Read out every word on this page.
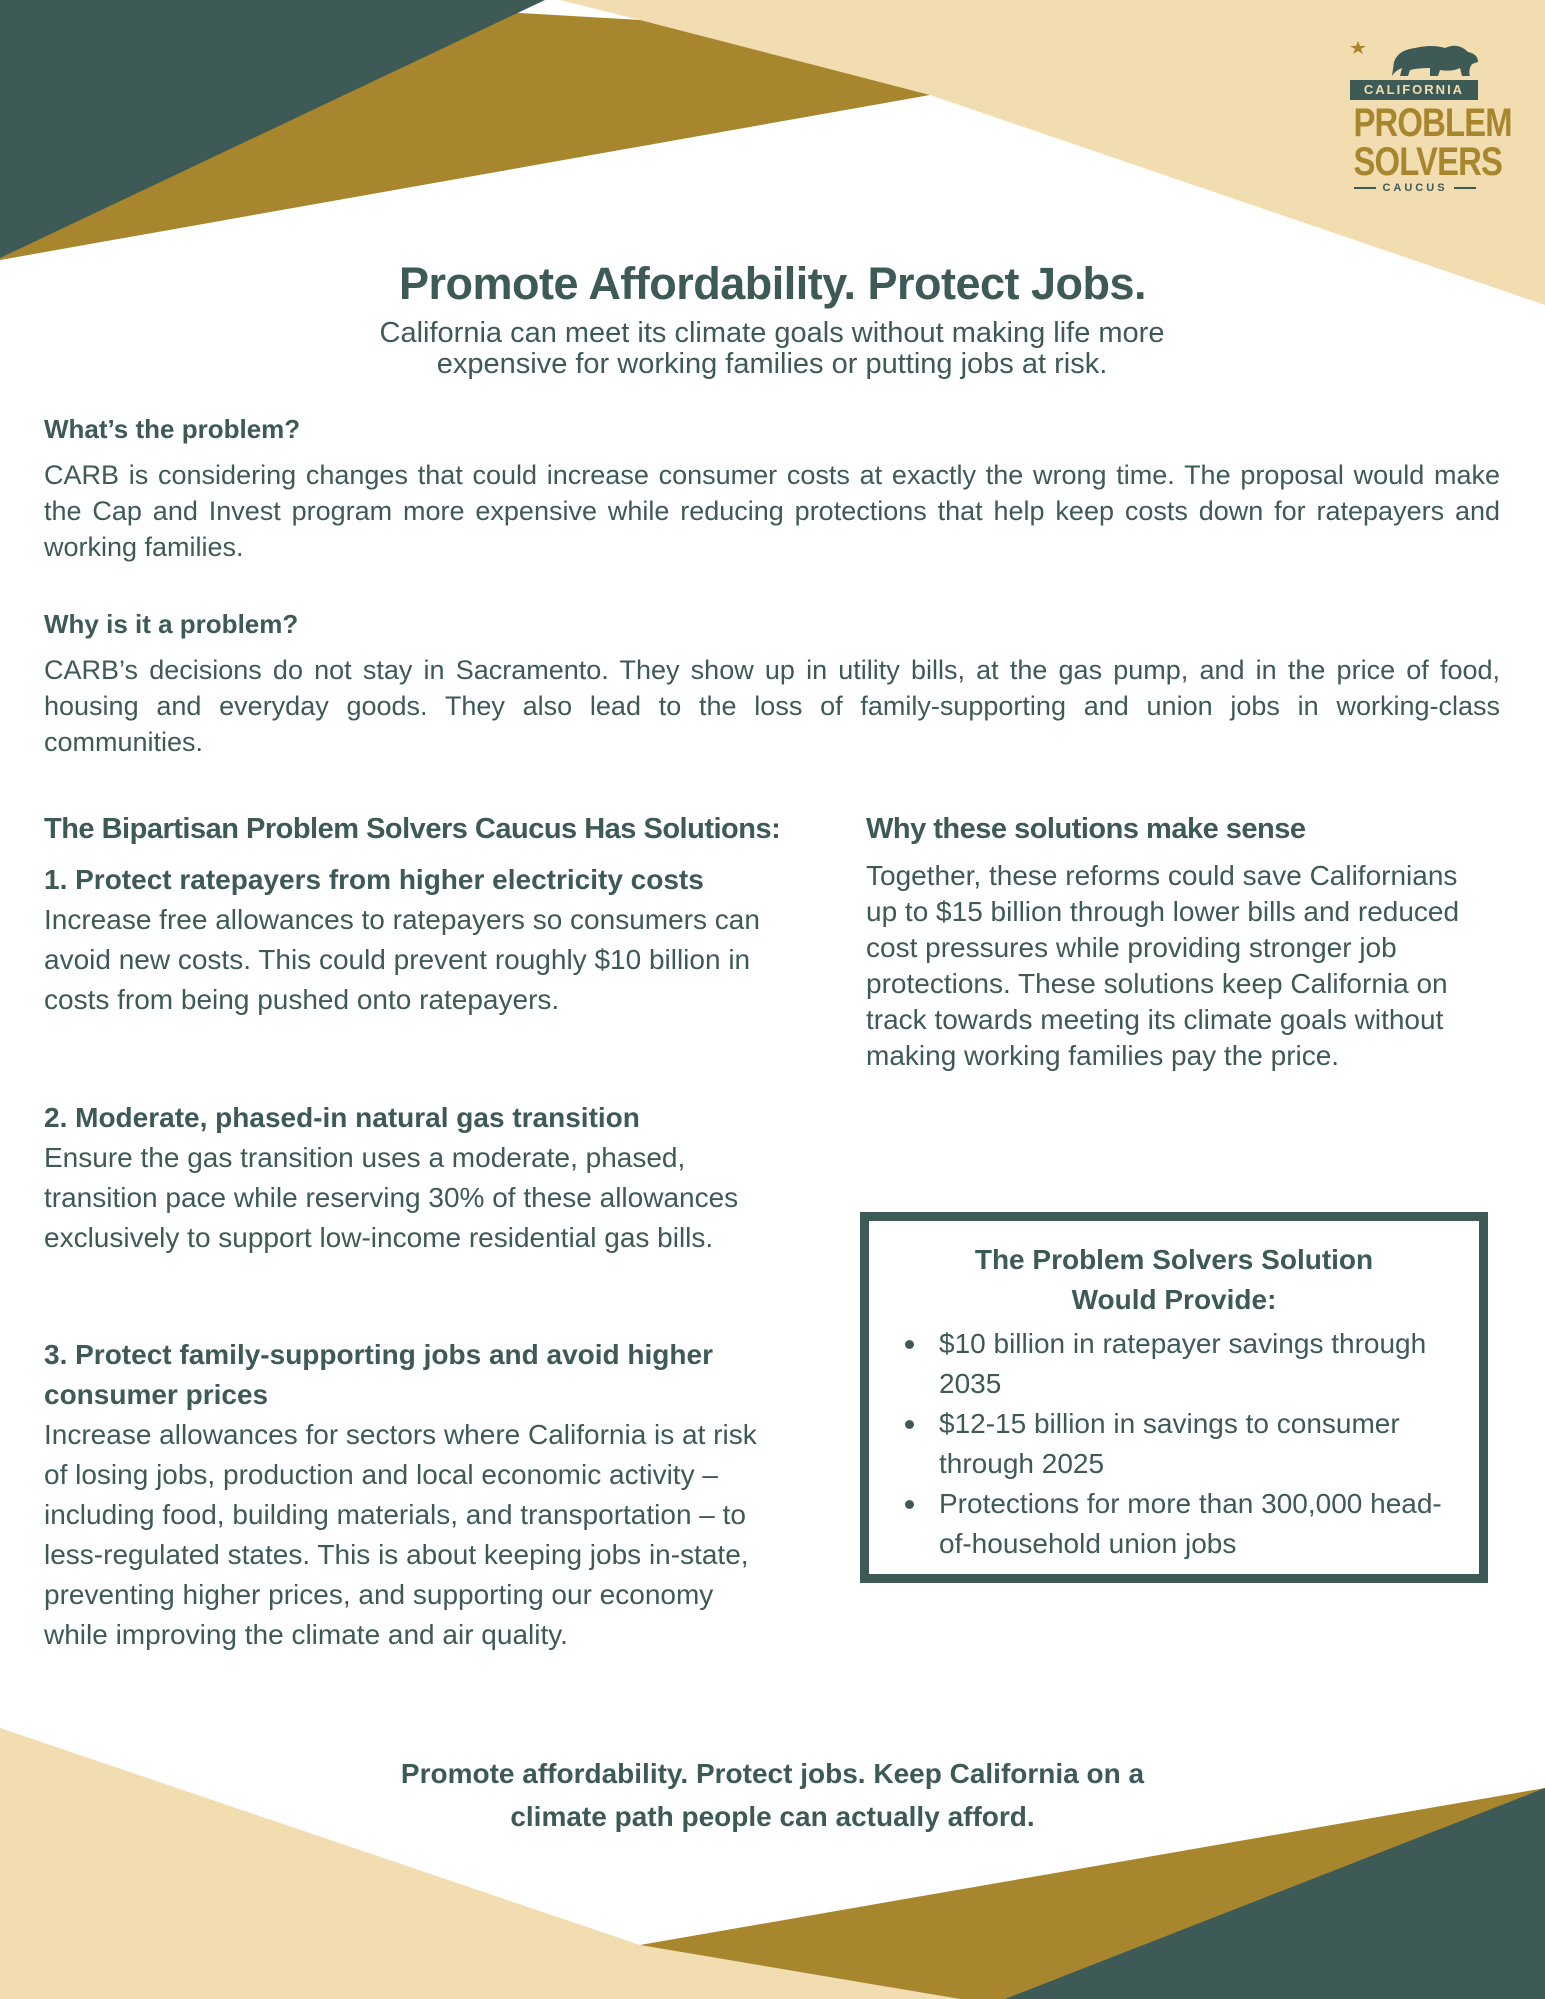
CALIFORNIA
PROBLEM
SOLVERS
CAUCUS
Promote Affordability. Protect Jobs.
California can meet its climate goals without making life more
expensive for working families or putting jobs at risk.
What’s the problem?
CARB is considering changes that could increase consumer costs at exactly the wrong time. The proposal would make the Cap and Invest program more expensive while reducing protections that help keep costs down for ratepayers and working families.
Why is it a problem?
CARB’s decisions do not stay in Sacramento. They show up in utility bills, at the gas pump, and in the price of food, housing and everyday goods. They also lead to the loss of family-supporting and union jobs in working-class communities.
The Bipartisan Problem Solvers Caucus Has Solutions:
1. Protect ratepayers from higher electricity costs
Increase free allowances to ratepayers so consumers can avoid new costs. This could prevent roughly $10 billion in costs from being pushed onto ratepayers.
2. Moderate, phased-in natural gas transition
Ensure the gas transition uses a moderate, phased, transition pace while reserving 30% of these allowances exclusively to support low-income residential gas bills.
3. Protect family-supporting jobs and avoid higher consumer prices
Increase allowances for sectors where California is at risk of losing jobs, production and local economic activity – including food, building materials, and transportation – to less-regulated states. This is about keeping jobs in-state, preventing higher prices, and supporting our economy while improving the climate and air quality.
Why these solutions make sense
Together, these reforms could save Californians up to $15 billion through lower bills and reduced cost pressures while providing stronger job protections. These solutions keep California on track towards meeting its climate goals without making working families pay the price.
The Problem Solvers Solution
Would Provide:
$10 billion in ratepayer savings through 2035
$12-15 billion in savings to consumer through 2025
Protections for more than 300,000 head-of-household union jobs
Promote affordability. Protect jobs. Keep California on a
climate path people can actually afford.
